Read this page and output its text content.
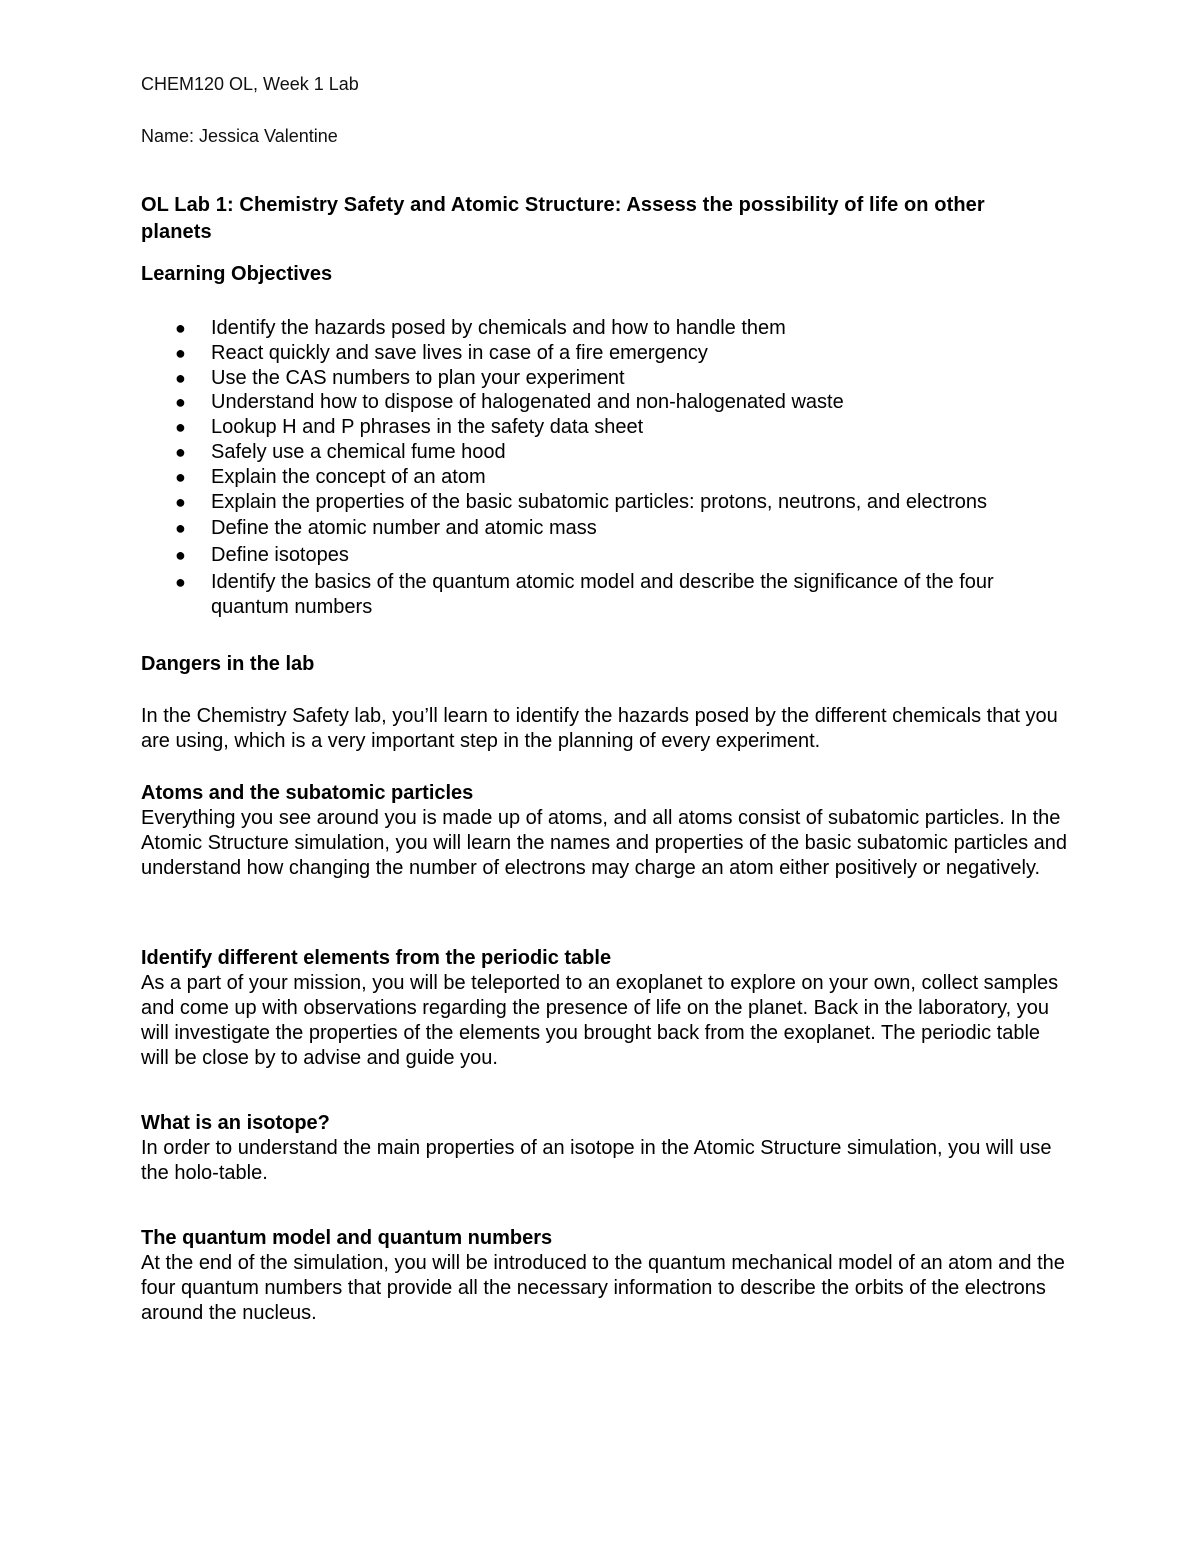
CHEM120 OL, Week 1 Lab
Name: Jessica Valentine
OL Lab 1: Chemistry Safety and Atomic Structure: Assess the possibility of life on other planets
Learning Objectives
● Identify the hazards posed by chemicals and how to handle them
● React quickly and save lives in case of a fire emergency
● Use the CAS numbers to plan your experiment
● Understand how to dispose of halogenated and non-halogenated waste
● Lookup H and P phrases in the safety data sheet
● Safely use a chemical fume hood
● Explain the concept of an atom
● Explain the properties of the basic subatomic particles: protons, neutrons, and electrons
● Define the atomic number and atomic mass
● Define isotopes
● Identify the basics of the quantum atomic model and describe the significance of the four quantum numbers
Dangers in the lab
In the Chemistry Safety lab, you’ll learn to identify the hazards posed by the different chemicals that you are using, which is a very important step in the planning of every experiment.
Atoms and the subatomic particles
Everything you see around you is made up of atoms, and all atoms consist of subatomic particles. In the Atomic Structure simulation, you will learn the names and properties of the basic subatomic particles and understand how changing the number of electrons may charge an atom either positively or negatively.
Identify different elements from the periodic table
As a part of your mission, you will be teleported to an exoplanet to explore on your own, collect samples and come up with observations regarding the presence of life on the planet. Back in the laboratory, you will investigate the properties of the elements you brought back from the exoplanet. The periodic table will be close by to advise and guide you.
What is an isotope?
In order to understand the main properties of an isotope in the Atomic Structure simulation, you will use the holo-table.
The quantum model and quantum numbers
At the end of the simulation, you will be introduced to the quantum mechanical model of an atom and the four quantum numbers that provide all the necessary information to describe the orbits of the electrons around the nucleus.
